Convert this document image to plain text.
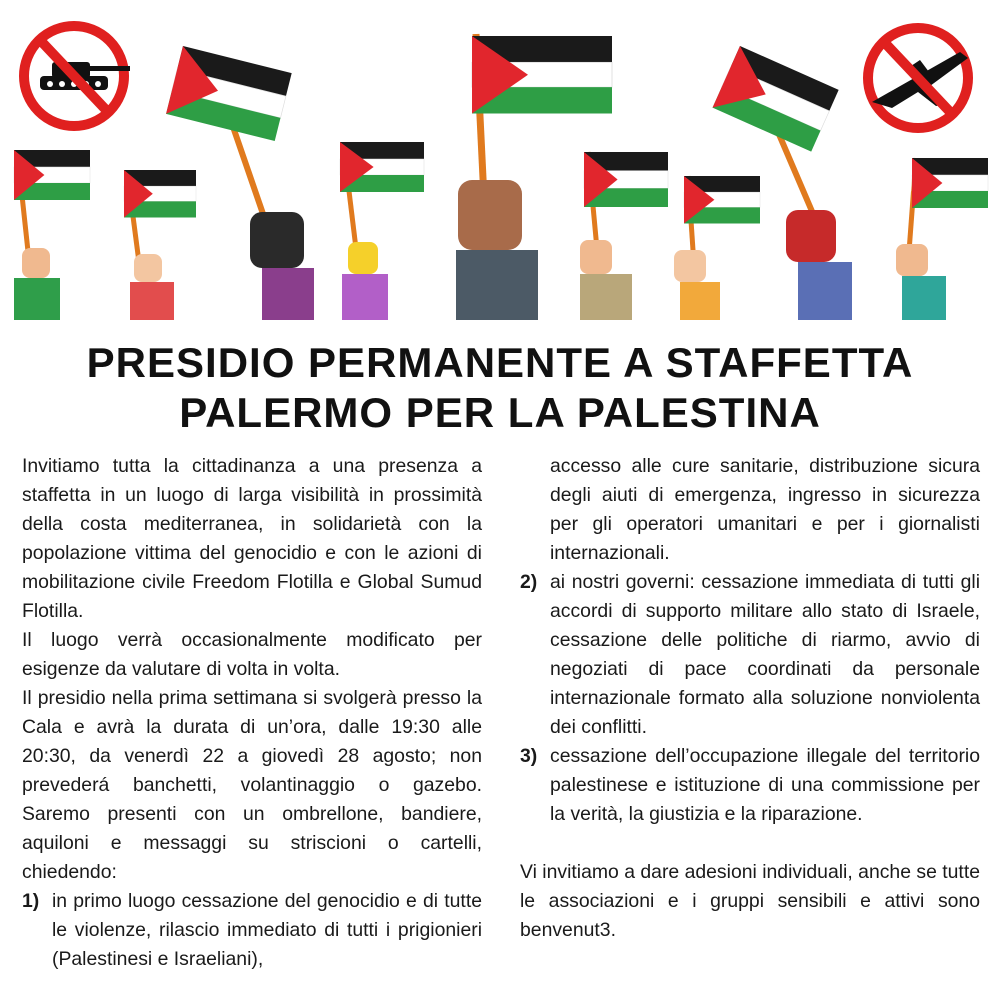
PRESIDIO PERMANENTE A STAFFETTA
PALERMO PER LA PALESTINA

Invitiamo tutta la cittadinanza a una presenza a staffetta in un luogo di larga visibilità in prossimità della costa mediterranea, in solidarietà con la popolazione vittima del genocidio e con le azioni di mobilitazione civile Freedom Flotilla e Global Sumud Flotilla.

Il luogo verrà occasionalmente modificato per esigenze da valutare di volta in volta.

Il presidio nella prima settimana si svolgerà presso la Cala e avrà la durata di un’ora, dalle 19:30 alle 20:30, da venerdì 22 a giovedì 28 agosto; non prevederá banchetti, volantinaggio o gazebo. Saremo presenti con un ombrellone, bandiere, aquiloni e messaggi su striscioni o cartelli, chiedendo:

1) in primo luogo cessazione del genocidio e di tutte le violenze, rilascio immediato di tutti i prigionieri (Palestinesi e Israeliani),
accesso alle cure sanitarie, distribuzione sicura degli aiuti di emergenza, ingresso in sicurezza per gli operatori umanitari e per i giornalisti internazionali.
2) ai nostri governi: cessazione immediata di tutti gli accordi di supporto militare allo stato di Israele, cessazione delle politiche di riarmo, avvio di negoziati di pace coordinati da personale internazionale formato alla soluzione nonviolenta dei conflitti.
3) cessazione dell’occupazione illegale del territorio palestinese e istituzione di una commissione per la verità, la giustizia e la riparazione.

Vi invitiamo a dare adesioni individuali, anche se tutte le associazioni e i gruppi sensibili e attivi sono benvenut3.
